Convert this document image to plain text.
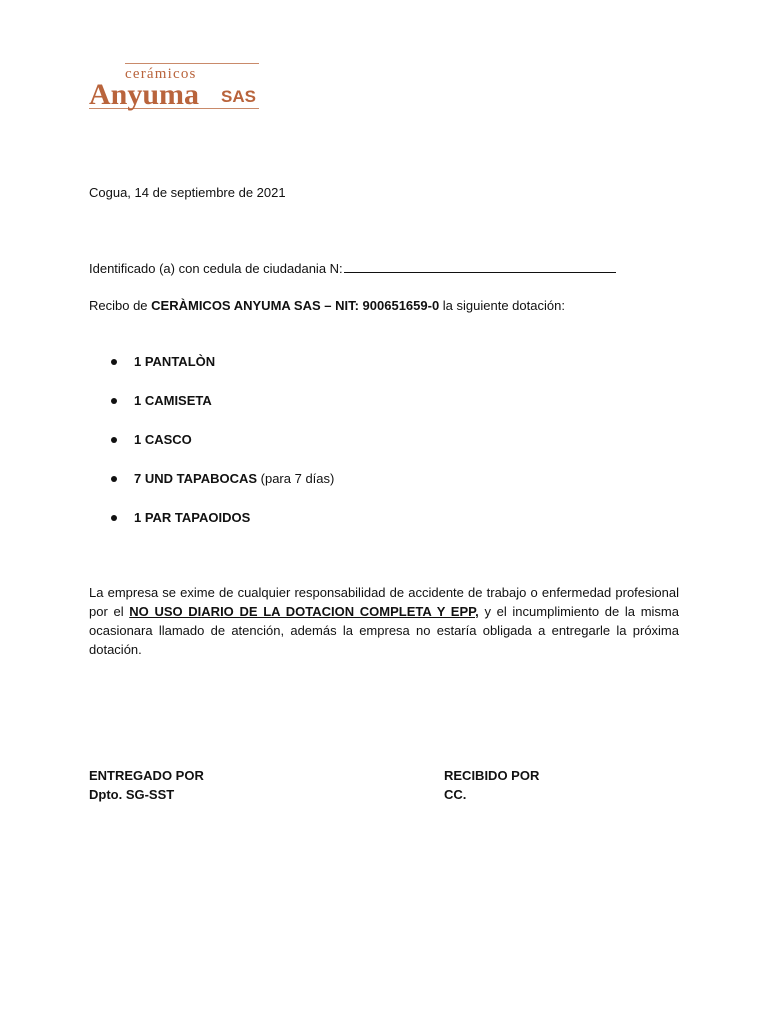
cerámicos
Anyuma SAS
Cogua, 14 de septiembre de 2021
Identificado (a) con cedula de ciudadania N:
Recibo de CERÀMICOS ANYUMA SAS – NIT: 900651659-0 la siguiente dotación:
1 PANTALÒN
1 CAMISETA
1 CASCO
7 UND TAPABOCAS (para 7 días)
1 PAR TAPAOIDOS
La empresa se exime de cualquier responsabilidad de accidente de trabajo o enfermedad profesional por el NO USO DIARIO DE LA DOTACION COMPLETA Y EPP, y el incumplimiento de la misma ocasionara llamado de atención, además la empresa no estaría obligada a entregarle la próxima dotación.
ENTREGADO POR
Dpto. SG-SST
RECIBIDO POR
CC.
